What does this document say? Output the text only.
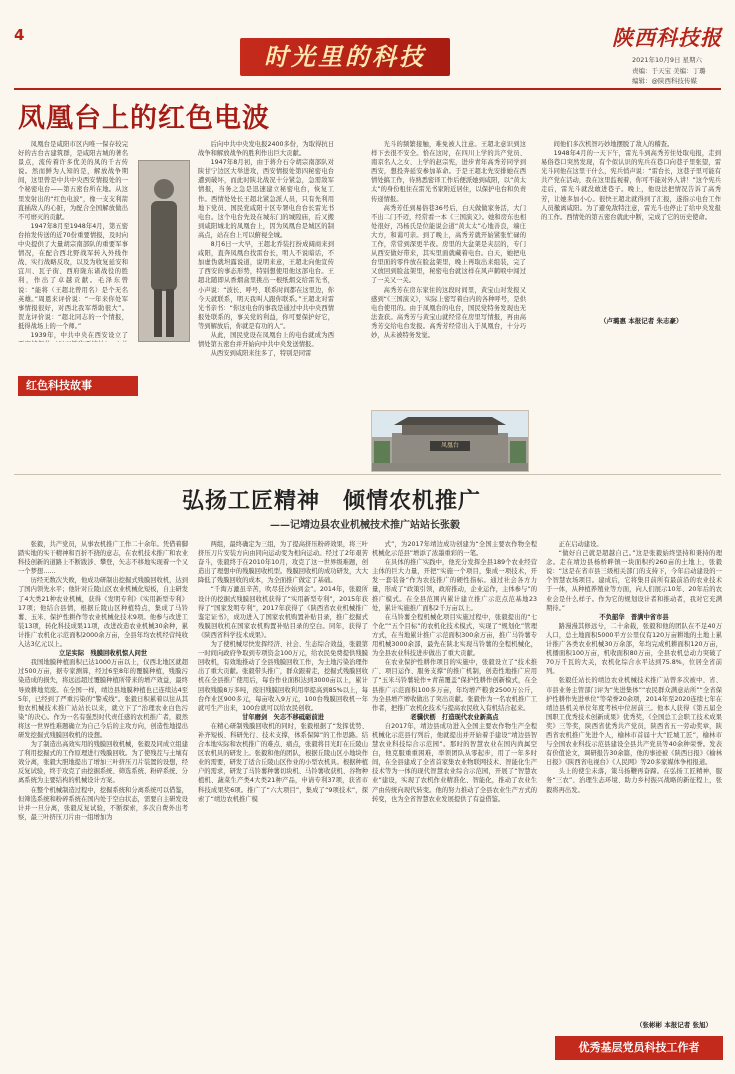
4
时光里的科技
陕西科技报
2021年10月9日 星期六
责编：于天宝 美编：丁璐
编辑：@陕西科技传媒
凤凰台上的红色电波

凤凰台是咸阳市区内唯一保存较完好的古台古建筑群，是咸阳古城的著名景点，流传着许多优美的凤的千古传说。然而鲜为人知的是，解放战争期间，这里曾是中共中央西安情报处的一个秘密电台——第五密台所在地。从这里发射出的“红色电波”，像一支支利箭直插敌人的心脏，为配合全国解放做出不可磨灭的贡献。

1947年8月至1948年4月，第五密台拍发传送的近70份重要情报，及时向中央提供了大量胡宗南部队的重要军事情况，在配合西北野战军转入外线作战、实行战略反攻，以及为收复延安和宜川、瓦子街、西府陇东诸战役的胜利，作出了卓越贡献。毛泽东曾说：“能将（王超北曾用名）是个无名英雄。”周恩来评价说：“一年来你处军事情报很好，对西北我军帮助很大”。贺龙评价说：“超北同志的一个情报，抵得战场上的一个师。”

1939年，中共中央在西安设立了

后向中共中央发电报2400多份，为取得抗日战争和解放战争的胜利作出巨大贡献。

1947年8月初，由于蒋介石令胡宗南部队对陕甘宁边区大举进攻，西安情报处第四秘密电台遭到破坏，而此时陕北战况十分紧急，急需敌军情报，当务之急是迅速建立秘密电台，恢复工作。西情处处长王超北紧急派人员，只有先利用地下党员、国民党咸阳十区专署电台台长雷光书电台。这个电台先设在城东门的城隍庙，后又搬到咸阳城北的凤凰台上，因为凤凰台是城区的制高点，站在台上可以俯视全城。

8月6日一大早，王超北乔装打扮成阔商来到咸阳，直奔凤凰台找雷台长，明人不说暗话，不加虚伪就坦露说道，说明来意，王超北向他宣传了西安的事态形势，特别想使用他这部电台。王超北随即从香烟盒里挑出一根纸烟交给雷光书，小声说：“波长、呼号、联系时间都在这里边，你今天就联系，明天我叫人跟你联系。”王超北对雷光书亲书：“你这电台的事我是通过中共中央西情报处联系的，事关党的利益，你可要保护好它，等到解放后，你就是有功的人”。

从此，国民党设在凤凰台上的电台就成为西情处第五密台并开始向中共中央发送情报。

从西安到咸阳来往多了，特别是同雷

光斗的频繁接触，难免被人注意。王超北意识到这样下去很不安全。恰在这时，在四川上学的共产党员、南京名人之女、上学的赵宗宪，进步青年高秀芳同学到西安，想投奔延安参加革命。于是王超北先安排她在西情处搞工作，待熟悉密译工作后便派她到咸阳，以“黄太太”的身份租住在雷光书家附近居住，以保护电台和负责传递情报。

高秀芳任到易俗巷36号后，白天做做家务活，大门不出二门不迈，经常看一本《三国演义》。她和房东也相处很好，冯杨氏是位能说会道“黄太太”心地善良，端庄大方，和蔼可亲。到了晚上，高秀芳就开始紧张忙碌的工作，常常到深更半夜。房里的大盆架是夹层的，专门从西安做好带来，其实里面就藏着电台。白天，她把电台里面的零件放在脸盆架里，晚上再取出来组装，完了又放回到脸盆架里，秘密电台就这样在风声鹤唳中闯过了一关又一关。

高秀芳在房东家住的这段时间里，黄宝山对发报又感到“《三国演义》，实际上密写着白内的各种呼号，是供电台使用的。由于凤凰台的电台，国民党特务发现也无法查获。高秀芳与黄宝山就经常在房里写情报，再由高秀芳交给电台发报。高秀芳经常出入于凤凰台，十分巧妙，从未被特务发觉。

凤凰台

间他们多次机智巧妙地摆脱了敌人的稽查。

1948年4月的一天下午，雷光斗到高秀芳住处取电报，走到易俗巷口突然发现，有个似认识的宪兵在巷口向巷子里张望，雷光斗同他在这里干什么，宪兵悄声说：“雷台长，这巷子里可能有共产党在活动，我在这里监视着，你可不能对外人讲！”这个宪兵走后，雷光斗就没敢进巷子。晚上，他设法把情况告诉了高秀芳，让她多加小心。很快王超北就得到了汇报，遂指示电台工作人员撤离咸阳。为了避免敌特注意，雷光斗也停止了给中央发报的工作。西情处的第五密台就此中断，完成了它的历史使命。

（卢璐惠 本报记者 朱志豪）
红色科技故事
弘扬工匠精神　倾情农机推广
——记靖边县农业机械技术推广站站长张毅

张毅，共产党员，从事农机推广工作二十余年。凭借着脚踏实地的实干精神和百折不挠的意志，在农机技术推广和农业科技创新的道路上不断跋涉、攀登，矢志不移地实现着一个又一个梦想……

历经无数次失败，他成功研制出挖掘式残膜回收机，达到了国内领先水平；他针对丘陵山区农业机械化短板，自主研发了4大类21种农业机械，获得《发明专利》《实用新型专利》17项；他结合县情，根据丘陵山区种植特点，集成了马铃薯、玉米、保护性耕作等农业机械化技术9项。他参与改进工装13项，转化科技成果11项，改进改造农业机械30余种，累计推广农机化示范面积2000余万亩，全县年均农机经营纯收入达3亿元以上。

立足实际　残膜回收机惊人问世

我国地膜种植面积已达1000万亩以上，仅西北地区就超过500万亩，据专家测算，经过6至8年的覆膜种植，残膜污染造成的损失，将远远超过覆膜种植所带来的增产效益，最终导致耕地荒废。在全国一样，靖边县地膜种植也已连续达4至5年，已经到了严重污染的“警戒线”。张毅日积累着以往从其他农机械技术推广站站长以来，就立下了“治理农业白色污染”的决心。作为一名有强烈时代责任感的农机推广者，毅然将这一世界性难题确立为自己今后的主攻方向，创造性地提出研发挖掘式残膜回收机的设想。

为了制造出高效实用的残膜回收机械，张毅及同成立组建了利用挖掘式的工作原理进行残膜回收。为了使残茬与土壤有效分离，张毅大胆地提出了增加三叶挤压刀片装置的设想，经反复试验，终于攻克了由挖掘系统、筛选系统、粉碎系统、分离系统为主要结构的机械设计方案。

在整个机械制造过程中，挖掘系统和分离系统可以借鉴，但筛选系统和粉碎系统在国内处于空白状态，需要自主研发设计并一旦分离，张毅反复试验，不断探索，多次自费外出考察，最三叶挤压刀片由一组增加为

两组，最终确定为三组，为了提高挤压粉碎效果，将三叶挤压刀片安装方向由同向运动变为相向运动。经过了2年艰苦奋斗，张毅终于在2010年10月，攻克了这一世界级难题，创造出了理想中的残膜回收机型。残膜回收机的成功研发，大大降低了残膜回收的成本，为全面推广做定了基础。

“千淘万漉虽辛苦，吹尽狂沙始到金”。2014年，张毅所设计的挖掘式残膜回收机获得了“实用新型专利”，2015年获得了“国家发明专利”，2017年获得了《陕西省农业机械推广鉴定证书》，成功进入了国家农机购置补贴目录，推广挖掘式残膜回收机在国家农机购置补贴目录的空白。同年，获得了《陕西省科学技术成果》。

为了使机械尽快发挥经济、社会、生态综合效益，张毅第一时间向政府争取到专项资金100万元，给农民免费提供残膜回收机，有效地推动了全县残膜回收工作，为土地污染治理作出了重大贡献。张毅带头推广，群众跟着走，挖掘式残膜回收机在全县推广使用后，每台作业面积达到3000亩以上，累计回收残膜8万多吨，废旧残膜回收利用率提高到85%以上，每台作业区900多元，每亩收入9万元，100台残膜回收机一年就可生产出来，100台就可以给农民创收。

甘年磨剑　矢志不移砥砺前进

在精心研制残膜回收机的同时，张毅根据了“发挥优势、补齐短板、科研先行、技术支撑，体系保障”的工作思路。结合本地实际和农机推广的难点、痛点，张毅将目光盯在丘陵山区农机具的研发上。张毅和他的团队，根据丘陵山区小地块作业的需要，研发了适合丘陵山区作业的小型农机具。根据种植户的需求，研发了马铃薯种薯切块机、马铃薯收获机、谷物种植机、蔬菜生产类4大类21种产品，申请专利37项，获省市科技成果奖6项。推广了“六大项目”，集成了“9项技术”，探索了“靖边农机推广模

式”，为2017年靖边成功创建为“全国主要农作物全程机械化示范县”增添了浓墨重彩的一笔。

在具体的推广实践中，他充分发挥全县189个农业经营主体的巨大力量，开把“实施一个项目，集成一项技术，开发一套装备”作为农技推广的硬性指标。通过社会各方力量，形成了“政策引领，政府推动，企业运作，主体参与”的推广模式。在全县范围内累计建立推广示范点范基地23处，累计实施推广面积2千万亩以上。

在马铃薯全程机械化项目实施过程中，张毅提出的“七个化”“五个目标”的农机化技术模式，实现了“规划化”管理方式，在当地累计推广示范面积300余万亩，推广马铃薯专用机械3000余部，最先在陕北实现马铃薯的全程机械化，为全县农业科技进步做出了重大贡献。

在农业保护性耕作项目的实施中，张毅设立了“技术推广、项目运作、服务支撑”的推广机制，创造性地推广应用了“玉米马铃薯轮作+青苗覆盖”保护性耕作创新模式，在全县推广示范面积100多万亩，年均增产粮食2500万公斤，为全县增产增收做出了突出贡献。张毅作为一名农机推广工作者，把推广农机化技术与提高农民收入有机结合起来。

老骥伏枥　打造现代农业新高点

自2017年，靖边县成功进入全国主要农作物生产全程机械化示范县行列后，他就提出并开始着手建设“靖边县智慧农业科技综合示范园”。那时的智慧农业在国内尚属空白，他克服重重困难，率领团队从零起步，用了一年多时间，在全县建成了全省首家集农业物联网技术、智能化生产技术等为一体的现代智慧农业综合示范园，开展了“智慧农业”建设，实现了农机作业精准化、智能化，推动了农业生产由传统向现代转变。他的努力推动了全县农业生产方式的转变，也为全省智慧农业发展提供了有益借鉴。

正在启动建设。

“做好自己就是超越自己。”这是张毅始终坚持和秉持的理念。走在靖边县杨桥畔镇一块面积约260亩的土地上，张毅说：“这是在省市县三级相关部门的支持下，今年启动建设的一个智慧农场项目。建成后，它将集目前所有最前沿的农业技术于一体，从种植养殖业等方面，向人们展示10年、20年后的农业会是什么样子。作为它的规划设计者和推动者，我对它充满期待。”

不负韶华　普满中省市县

路漫漫其修远兮，二十余载，张毅和他的团队在不足40万人口，总土地面积5000平方公里仅有120万亩耕地的土地上累计推广各类农业机械30万余部，年均完成机耕面积120万亩，机播面积100万亩，机收面积80万亩，全县农机总动力突破了70万千瓦的大关，农机化综合水平达到75.8%，位居全省前列。

张毅任站长的靖边农业机械技术推广站曾多次被中、省、市县业务主管部门评为“先进集体”“农民群众满意站所”“全省保护性耕作先进单位”等荣誉20余项，2014年至2020连续七年在靖边县机关单位年度考核中位居前三。他本人获得《第五届全国职工优秀技术创新成果》优秀奖，《全国总工会职工技术成果奖》三等奖，陕西省优秀共产党员，陕西省五一劳动奖章，陕西省农机推广先进个人，榆林市首届十大“匠城工匠”，榆林市与全国农业科技示范县建设全县共产党员等40余种荣誉。发表有价值论文，调研报告30余篇，他的事迹被《陕西日报》《榆林日报》《陕西省电视台》《人民网》等20多家媒体争相报道。

头上的使尘未落，策马扬鞭再奋蹄。在弘扬工匠精神，服务“三农”、治理生态环境、助力乡村振兴战略的新征程上，张毅将再出发。

（张彬彬 本报记者 张旭）
优秀基层党员科技工作者
